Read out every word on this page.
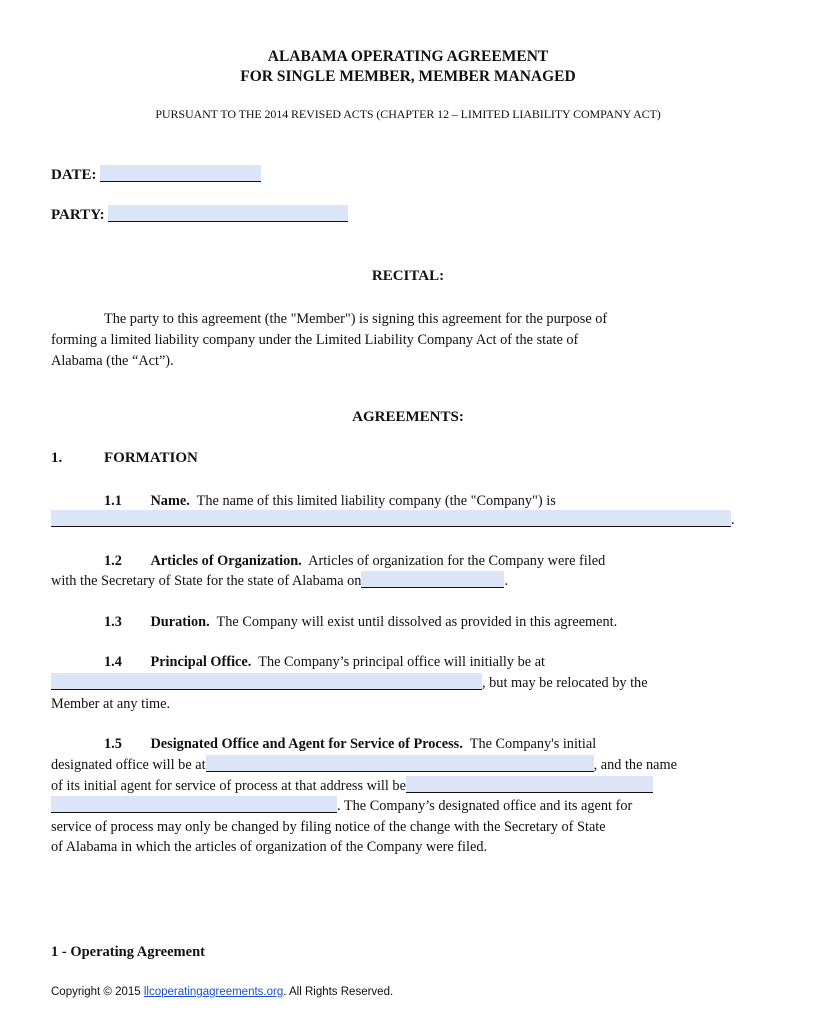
ALABAMA OPERATING AGREEMENT
FOR SINGLE MEMBER, MEMBER MANAGED
PURSUANT TO THE 2014 REVISED ACTS (CHAPTER 12 – LIMITED LIABILITY COMPANY ACT)
DATE:
PARTY:
RECITAL:
The party to this agreement (the "Member") is signing this agreement for the purpose of
forming a limited liability company under the Limited Liability Company Act of the state of
Alabama (the “Act”).
AGREEMENTS:
1.	FORMATION
1.1 Name. The name of this limited liability company (the "Company") is
.
1.2 Articles of Organization. Articles of organization for the Company were filed
with the Secretary of State for the state of Alabama on	.
1.3 Duration. The Company will exist until dissolved as provided in this agreement.
1.4 Principal Office. The Company’s principal office will initially be at
, but may be relocated by the
Member at any time.
1.5 Designated Office and Agent for Service of Process. The Company's initial
designated office will be at	, and the name
of its initial agent for service of process at that address will be
. The Company’s designated office and its agent for
service of process may only be changed by filing notice of the change with the Secretary of State
of Alabama in which the articles of organization of the Company were filed.
1 - Operating Agreement
Copyright © 2015 llcoperatingagreements.org. All Rights Reserved.
